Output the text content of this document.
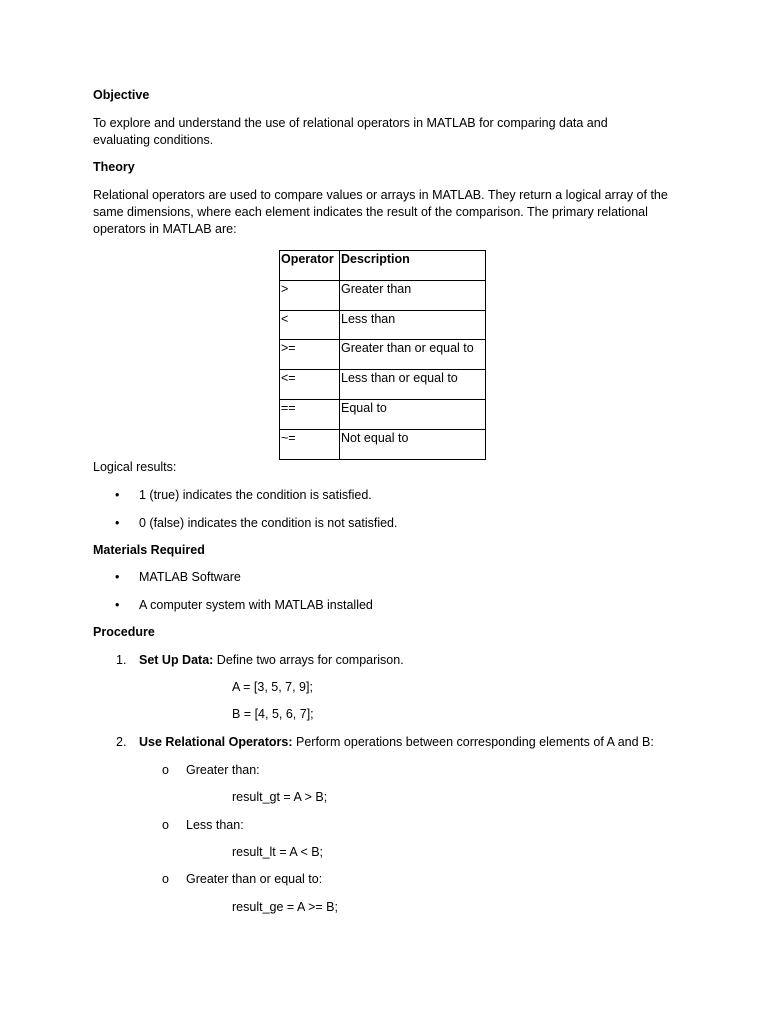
Objective

To explore and understand the use of relational operators in MATLAB for comparing data and evaluating conditions.

Theory

Relational operators are used to compare values or arrays in MATLAB. They return a logical array of the same dimensions, where each element indicates the result of the comparison. The primary relational operators in MATLAB are:

Operator	Description
>	Greater than
<	Less than
>=	Greater than or equal to
<=	Less than or equal to
==	Equal to
~=	Not equal to

Logical results:

• 1 (true) indicates the condition is satisfied.

• 0 (false) indicates the condition is not satisfied.

Materials Required

• MATLAB Software

• A computer system with MATLAB installed

Procedure

1. Set Up Data: Define two arrays for comparison.

A = [3, 5, 7, 9];

B = [4, 5, 6, 7];

2. Use Relational Operators: Perform operations between corresponding elements of A and B:

o Greater than:

result_gt = A > B;

o Less than:

result_lt = A < B;

o Greater than or equal to:

result_ge = A >= B;
